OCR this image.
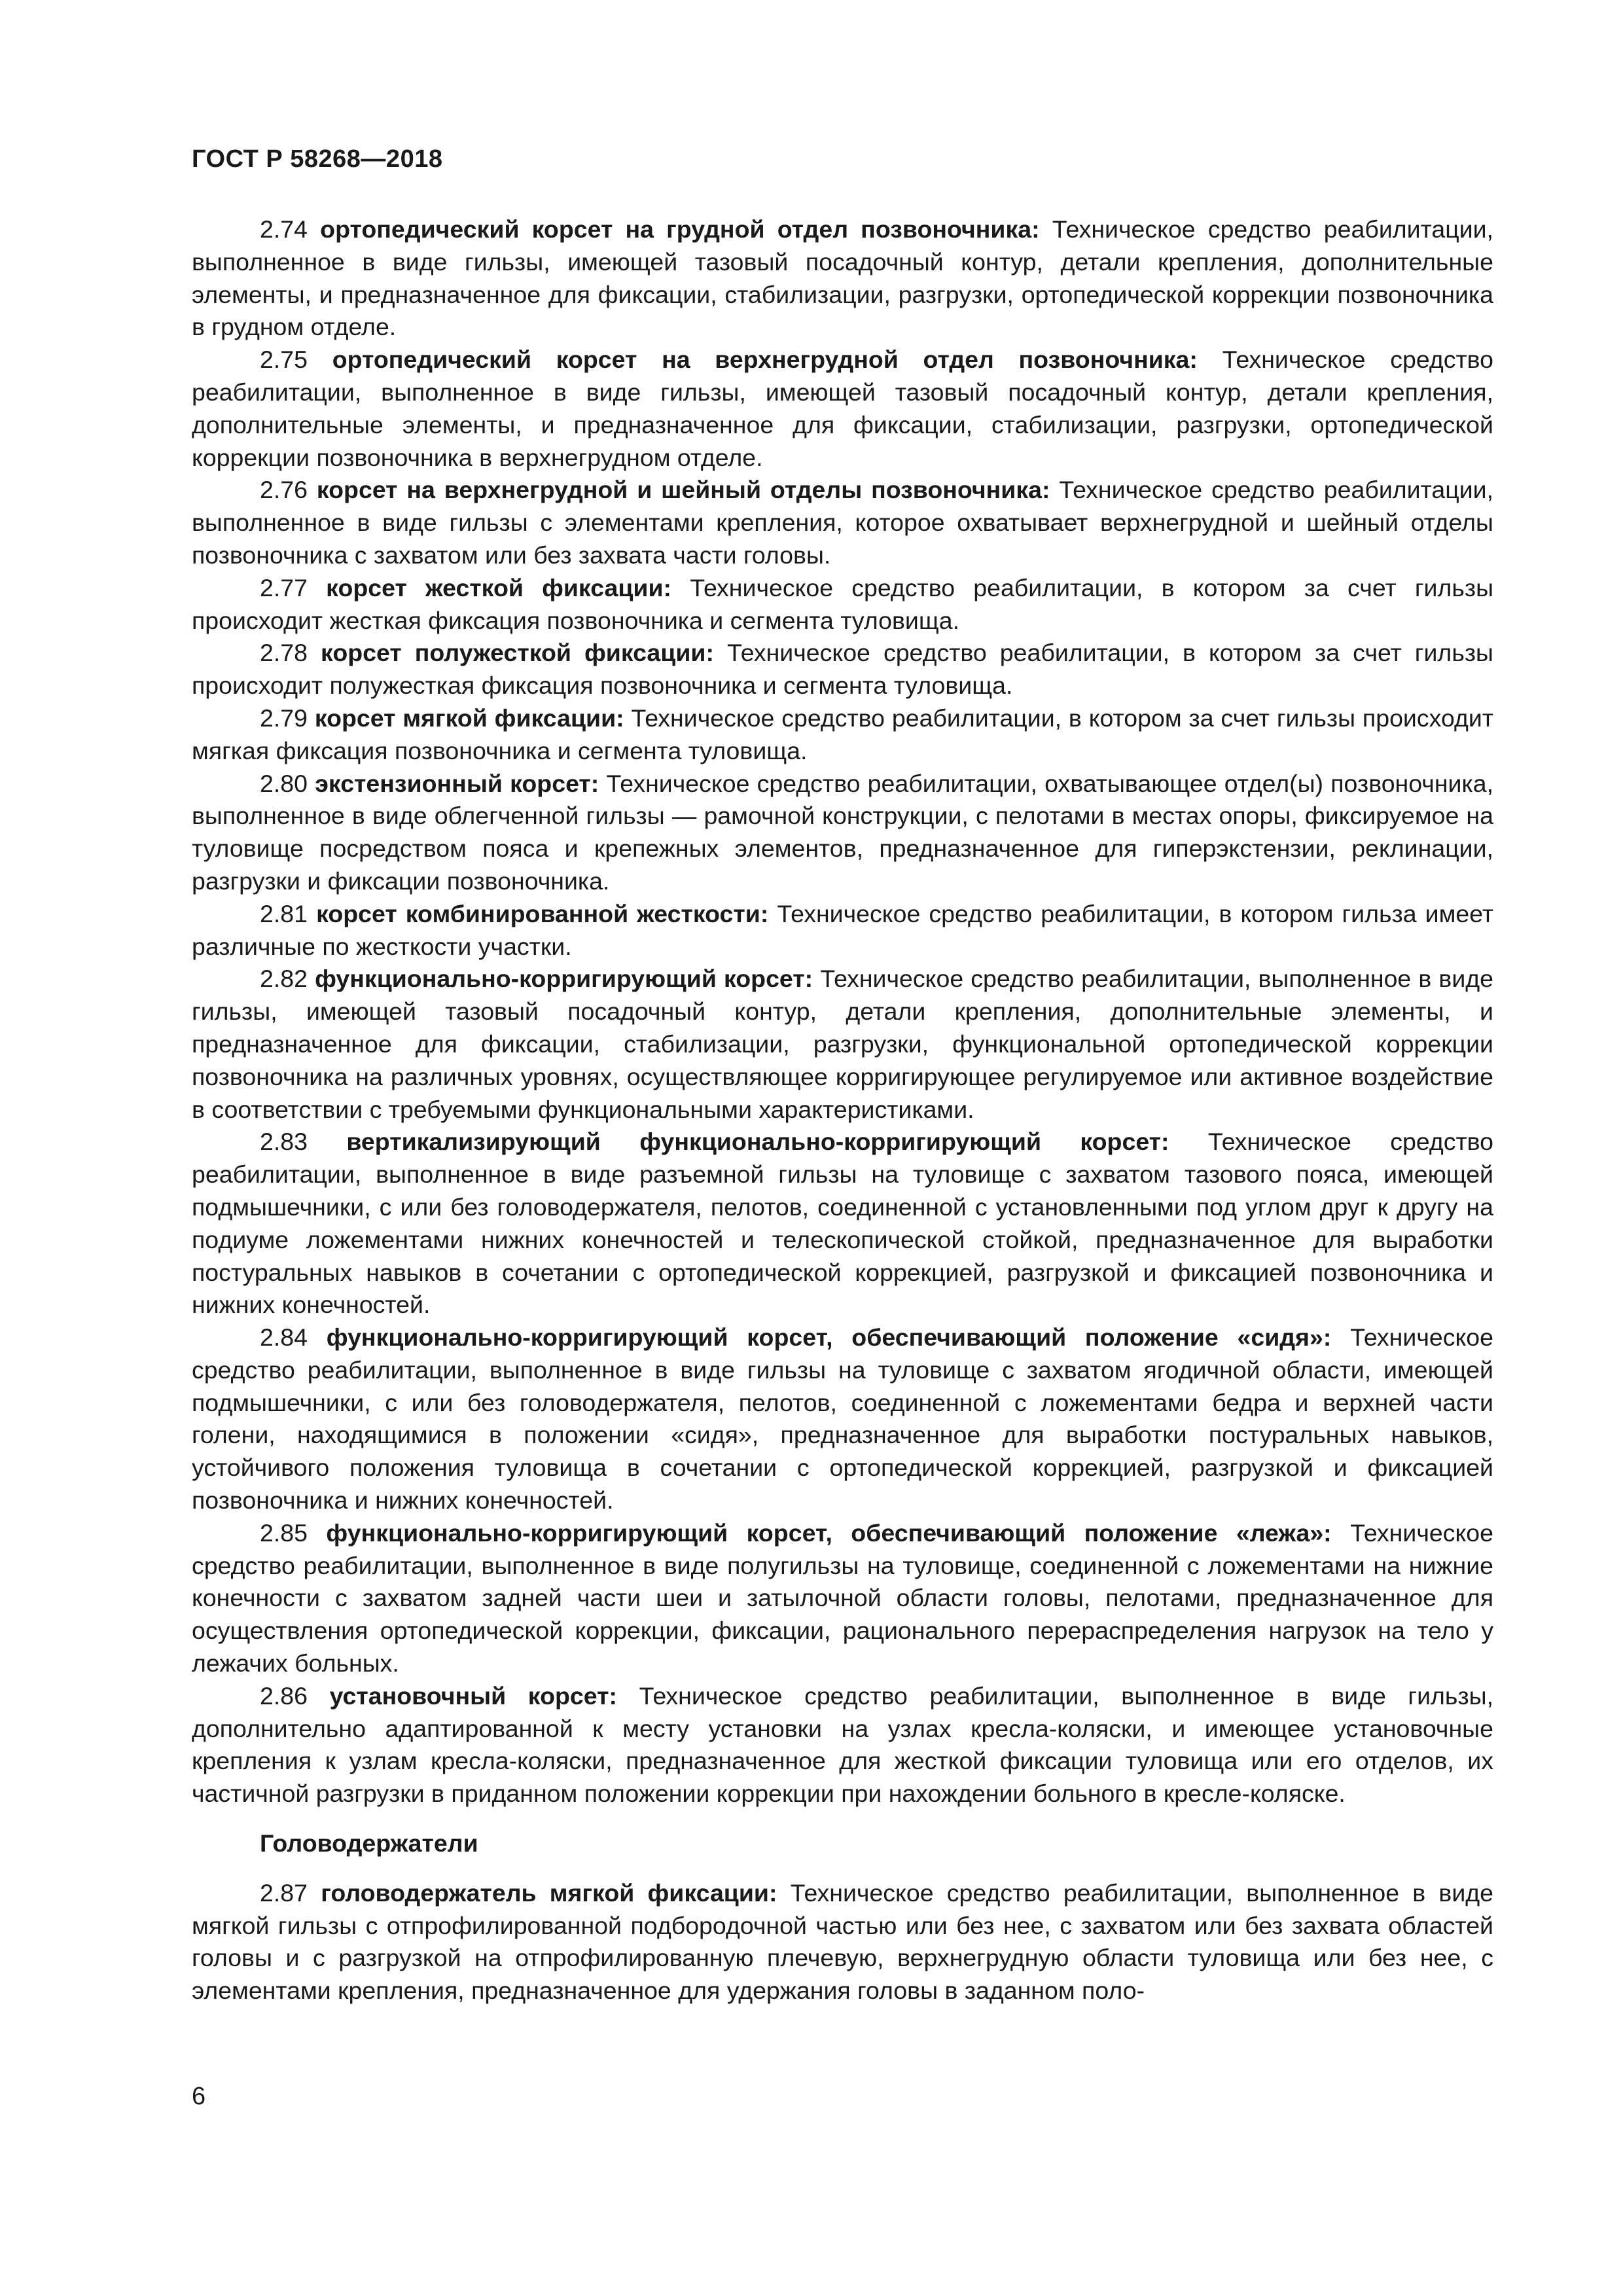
ГОСТ Р 58268—2018

2.74 ортопедический корсет на грудной отдел позвоночника: Техническое средство реабилитации, выполненное в виде гильзы, имеющей тазовый посадочный контур, детали крепления, дополнительные элементы, и предназначенное для фиксации, стабилизации, разгрузки, ортопедической коррекции позвоночника в грудном отделе.

2.75 ортопедический корсет на верхнегрудной отдел позвоночника: Техническое средство реабилитации, выполненное в виде гильзы, имеющей тазовый посадочный контур, детали крепления, дополнительные элементы, и предназначенное для фиксации, стабилизации, разгрузки, ортопедической коррекции позвоночника в верхнегрудном отделе.

2.76 корсет на верхнегрудной и шейный отделы позвоночника: Техническое средство реабилитации, выполненное в виде гильзы с элементами крепления, которое охватывает верхнегрудной и шейный отделы позвоночника с захватом или без захвата части головы.

2.77 корсет жесткой фиксации: Техническое средство реабилитации, в котором за счет гильзы происходит жесткая фиксация позвоночника и сегмента туловища.

2.78 корсет полужесткой фиксации: Техническое средство реабилитации, в котором за счет гильзы происходит полужесткая фиксация позвоночника и сегмента туловища.

2.79 корсет мягкой фиксации: Техническое средство реабилитации, в котором за счет гильзы происходит мягкая фиксация позвоночника и сегмента туловища.

2.80 экстензионный корсет: Техническое средство реабилитации, охватывающее отдел(ы) позвоночника, выполненное в виде облегченной гильзы — рамочной конструкции, с пелотами в местах опоры, фиксируемое на туловище посредством пояса и крепежных элементов, предназначенное для гиперэкстензии, реклинации, разгрузки и фиксации позвоночника.

2.81 корсет комбинированной жесткости: Техническое средство реабилитации, в котором гильза имеет различные по жесткости участки.

2.82 функционально-корригирующий корсет: Техническое средство реабилитации, выполненное в виде гильзы, имеющей тазовый посадочный контур, детали крепления, дополнительные элементы, и предназначенное для фиксации, стабилизации, разгрузки, функциональной ортопедической коррекции позвоночника на различных уровнях, осуществляющее корригирующее регулируемое или активное воздействие в соответствии с требуемыми функциональными характеристиками.

2.83 вертикализирующий функционально-корригирующий корсет: Техническое средство реабилитации, выполненное в виде разъемной гильзы на туловище с захватом тазового пояса, имеющей подмышечники, с или без головодержателя, пелотов, соединенной с установленными под углом друг к другу на подиуме ложементами нижних конечностей и телескопической стойкой, предназначенное для выработки постуральных навыков в сочетании с ортопедической коррекцией, разгрузкой и фиксацией позвоночника и нижних конечностей.

2.84 функционально-корригирующий корсет, обеспечивающий положение «сидя»: Техническое средство реабилитации, выполненное в виде гильзы на туловище с захватом ягодичной области, имеющей подмышечники, с или без головодержателя, пелотов, соединенной с ложементами бедра и верхней части голени, находящимися в положении «сидя», предназначенное для выработки постуральных навыков, устойчивого положения туловища в сочетании с ортопедической коррекцией, разгрузкой и фиксацией позвоночника и нижних конечностей.

2.85 функционально-корригирующий корсет, обеспечивающий положение «лежа»: Техническое средство реабилитации, выполненное в виде полугильзы на туловище, соединенной с ложементами на нижние конечности с захватом задней части шеи и затылочной области головы, пелотами, предназначенное для осуществления ортопедической коррекции, фиксации, рационального перераспределения нагрузок на тело у лежачих больных.

2.86 установочный корсет: Техническое средство реабилитации, выполненное в виде гильзы, дополнительно адаптированной к месту установки на узлах кресла-коляски, и имеющее установочные крепления к узлам кресла-коляски, предназначенное для жесткой фиксации туловища или его отделов, их частичной разгрузки в приданном положении коррекции при нахождении больного в кресле-коляске.

Головодержатели

2.87 головодержатель мягкой фиксации: Техническое средство реабилитации, выполненное в виде мягкой гильзы с отпрофилированной подбородочной частью или без нее, с захватом или без захвата областей головы и с разгрузкой на отпрофилированную плечевую, верхнегрудную области туловища или без нее, с элементами крепления, предназначенное для удержания головы в заданном поло-

6
